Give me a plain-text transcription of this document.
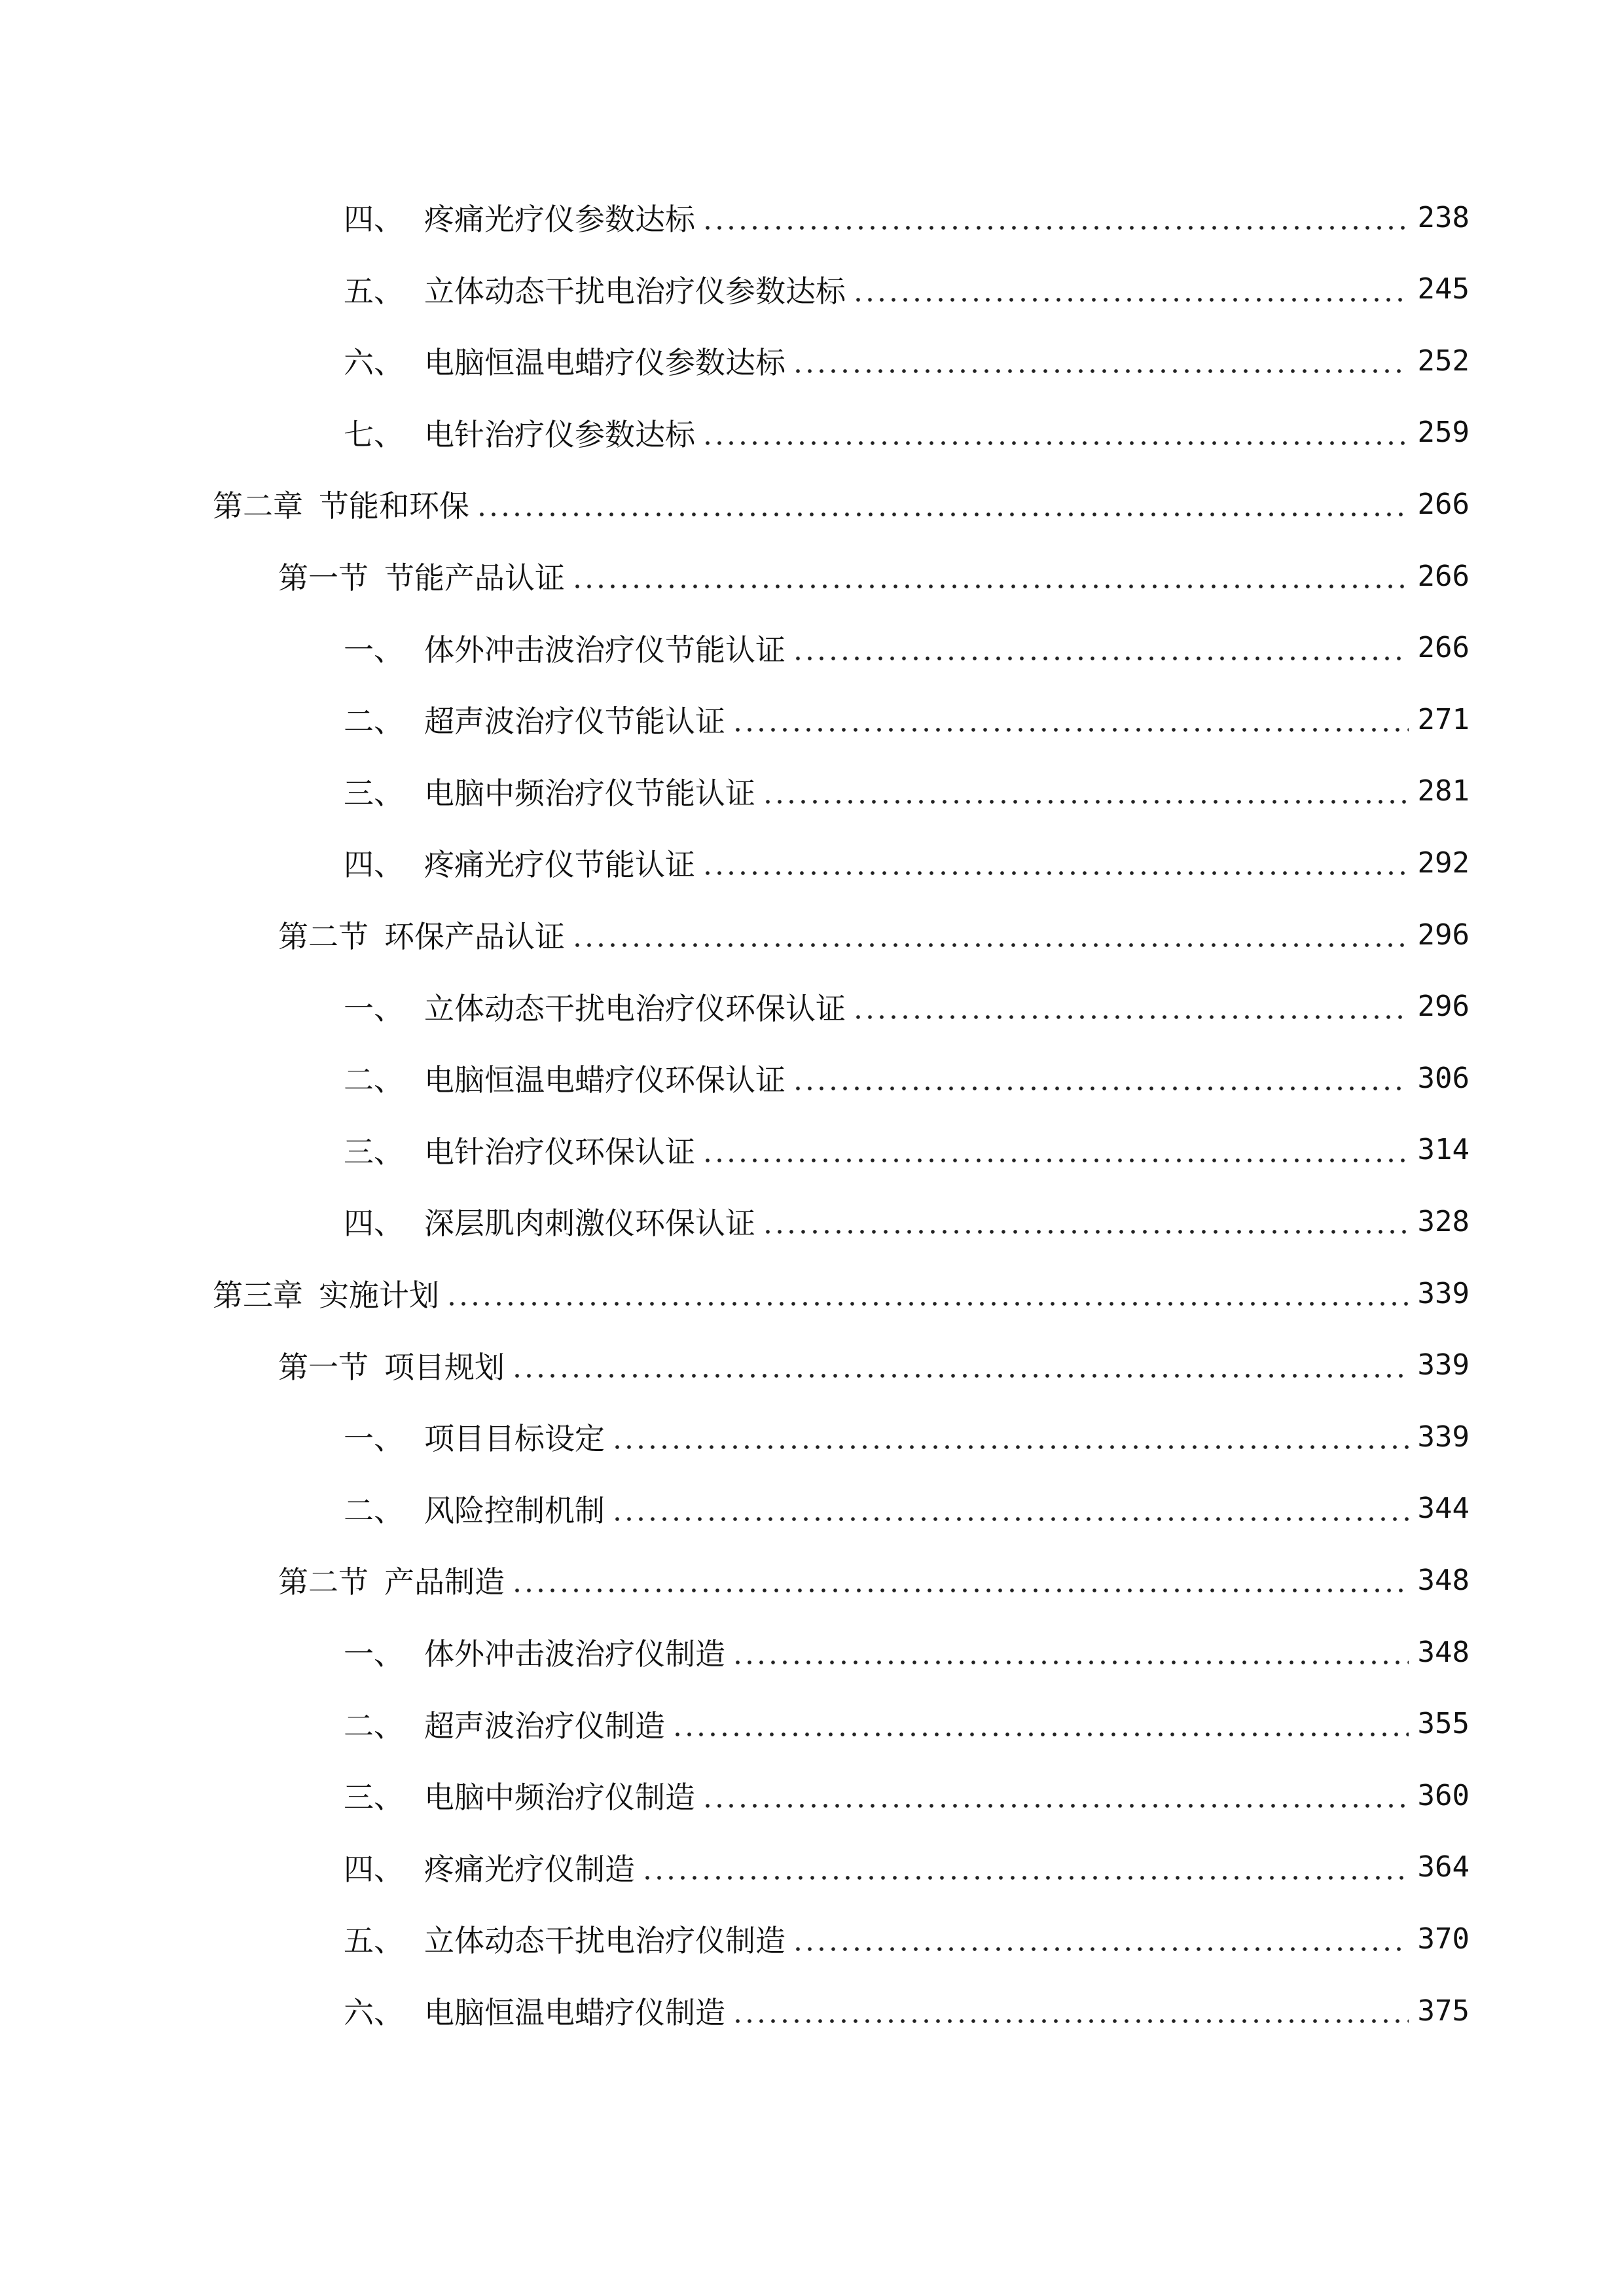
四、 疼痛光疗仪参数达标	238
五、 立体动态干扰电治疗仪参数达标	245
六、 电脑恒温电蜡疗仪参数达标	252
七、 电针治疗仪参数达标	259
第二章 节能和环保	266
第一节 节能产品认证	266
一、 体外冲击波治疗仪节能认证	266
二、 超声波治疗仪节能认证	271
三、 电脑中频治疗仪节能认证	281
四、 疼痛光疗仪节能认证	292
第二节 环保产品认证	296
一、 立体动态干扰电治疗仪环保认证	296
二、 电脑恒温电蜡疗仪环保认证	306
三、 电针治疗仪环保认证	314
四、 深层肌肉刺激仪环保认证	328
第三章 实施计划	339
第一节 项目规划	339
一、 项目目标设定	339
二、 风险控制机制	344
第二节 产品制造	348
一、 体外冲击波治疗仪制造	348
二、 超声波治疗仪制造	355
三、 电脑中频治疗仪制造	360
四、 疼痛光疗仪制造	364
五、 立体动态干扰电治疗仪制造	370
六、 电脑恒温电蜡疗仪制造	375
